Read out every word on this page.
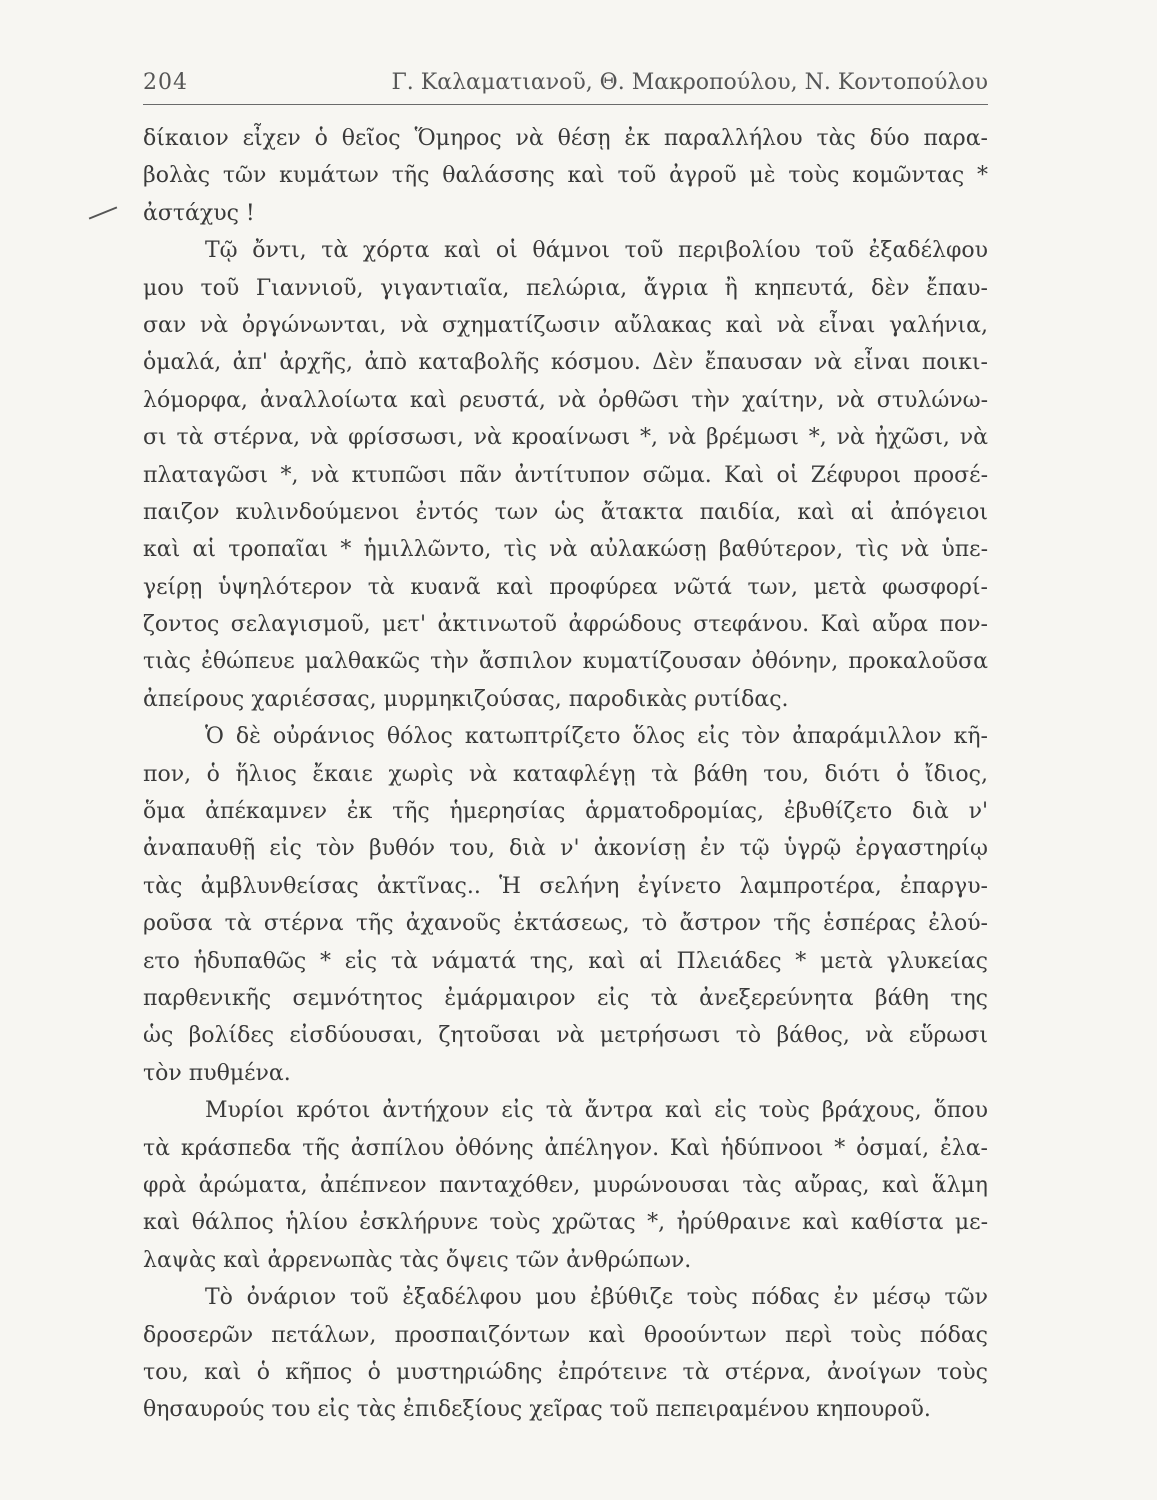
204	Γ. Καλαματιανοῦ, Θ. Μακροπούλου, Ν. Κοντοπούλου
δίκαιον εἶχεν ὁ θεῖος Ὅμηρος νὰ θέσῃ ἐκ παραλλήλου τὰς δύο παρα-
βολὰς τῶν κυμάτων τῆς θαλάσσης καὶ τοῦ ἀγροῦ μὲ τοὺς κομῶντας *
ἀστάχυς !
Τῷ ὄντι, τὰ χόρτα καὶ οἱ θάμνοι τοῦ περιβολίου τοῦ ἐξαδέλφου
μου τοῦ Γιαννιοῦ, γιγαντιαῖα, πελώρια, ἄγρια ἢ κηπευτά, δὲν ἔπαυ-
σαν νὰ ὀργώνωνται, νὰ σχηματίζωσιν αὔλακας καὶ νὰ εἶναι γαλήνια,
ὁμαλά, ἀπ' ἀρχῆς, ἀπὸ καταβολῆς κόσμου. Δὲν ἔπαυσαν νὰ εἶναι ποικι-
λόμορφα, ἀναλλοίωτα καὶ ρευστά, νὰ ὀρθῶσι τὴν χαίτην, νὰ στυλώνω-
σι τὰ στέρνα, νὰ φρίσσωσι, νὰ κροαίνωσι *, νὰ βρέμωσι *, νὰ ἠχῶσι, νὰ
πλαταγῶσι *, νὰ κτυπῶσι πᾶν ἀντίτυπον σῶμα. Καὶ οἱ Ζέφυροι προσέ-
παιζον κυλινδούμενοι ἐντός των ὡς ἄτακτα παιδία, καὶ αἱ ἀπόγειοι
καὶ αἱ τροπαῖαι * ἡμιλλῶντο, τὶς νὰ αὐλακώσῃ βαθύτερον, τὶς νὰ ὑπε-
γείρῃ ὑψηλότερον τὰ κυανᾶ καὶ προφύρεα νῶτά των, μετὰ φωσφορί-
ζοντος σελαγισμοῦ, μετ' ἀκτινωτοῦ ἀφρώδους στεφάνου. Καὶ αὔρα πον-
τιὰς ἐθώπευε μαλθακῶς τὴν ἄσπιλον κυματίζουσαν ὀθόνην, προκαλοῦσα
ἀπείρους χαριέσσας, μυρμηκιζούσας, παροδικὰς ρυτίδας.
Ὁ δὲ οὐράνιος θόλος κατωπτρίζετο ὅλος εἰς τὸν ἀπαράμιλλον κῆ-
πον, ὁ ἥλιος ἔκαιε χωρὶς νὰ καταφλέγῃ τὰ βάθη του, διότι ὁ ἴδιος,
ὅμα ἀπέκαμνεν ἐκ τῆς ἡμερησίας ἁρματοδρομίας, ἐβυθίζετο διὰ ν'
ἀναπαυθῇ εἰς τὸν βυθόν του, διὰ ν' ἀκονίσῃ ἐν τῷ ὑγρῷ ἐργαστηρίῳ
τὰς ἀμβλυνθείσας ἀκτῖνας.. Ἡ σελήνη ἐγίνετο λαμπροτέρα, ἐπαργυ-
ροῦσα τὰ στέρνα τῆς ἀχανοῦς ἐκτάσεως, τὸ ἄστρον τῆς ἑσπέρας ἐλού-
ετο ἡδυπαθῶς * εἰς τὰ νάματά της, καὶ αἱ Πλειάδες * μετὰ γλυκείας
παρθενικῆς σεμνότητος ἐμάρμαιρον εἰς τὰ ἀνεξερεύνητα βάθη της
ὡς βολίδες εἰσδύουσαι, ζητοῦσαι νὰ μετρήσωσι τὸ βάθος, νὰ εὕρωσι
τὸν πυθμένα.
Μυρίοι κρότοι ἀντήχουν εἰς τὰ ἄντρα καὶ εἰς τοὺς βράχους, ὅπου
τὰ κράσπεδα τῆς ἀσπίλου ὀθόνης ἀπέληγον. Καὶ ἡδύπνοοι * ὀσμαί, ἐλα-
φρὰ ἀρώματα, ἀπέπνεον πανταχόθεν, μυρώνουσαι τὰς αὔρας, καὶ ἅλμη
καὶ θάλπος ἡλίου ἐσκλήρυνε τοὺς χρῶτας *, ἠρύθραινε καὶ καθίστα με-
λαψὰς καὶ ἀρρενωπὰς τὰς ὄψεις τῶν ἀνθρώπων.
Τὸ ὀνάριον τοῦ ἐξαδέλφου μου ἐβύθιζε τοὺς πόδας ἐν μέσῳ τῶν
δροσερῶν πετάλων, προσπαιζόντων καὶ θροούντων περὶ τοὺς πόδας
του, καὶ ὁ κῆπος ὁ μυστηριώδης ἐπρότεινε τὰ στέρνα, ἀνοίγων τοὺς
θησαυρούς του εἰς τὰς ἐπιδεξίους χεῖρας τοῦ πεπειραμένου κηπουροῦ.
